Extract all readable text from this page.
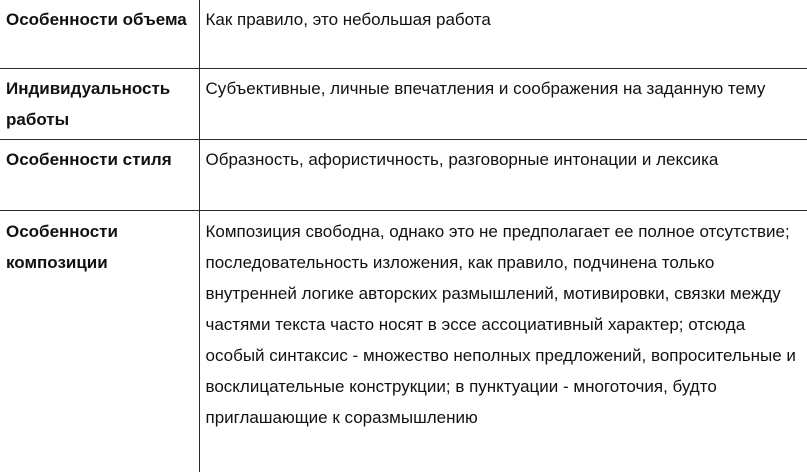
Особенности объема	Как правило, это небольшая работа
Индивидуальность работы	Субъективные, личные впечатления и соображения на заданную тему
Особенности стиля	Образность, афористичность, разговорные интонации и лексика
Особенности композиции	Композиция свободна, однако это не предполагает ее полное отсутствие; последовательность изложения, как правило, подчинена только внутренней логике авторских размышлений, мотивировки, связки между частями текста часто носят в эссе ассоциативный характер; отсюда особый синтаксис - множество неполных предложений, вопросительные и восклицательные конструкции; в пунктуации - многоточия, будто приглашающие к соразмышлению
